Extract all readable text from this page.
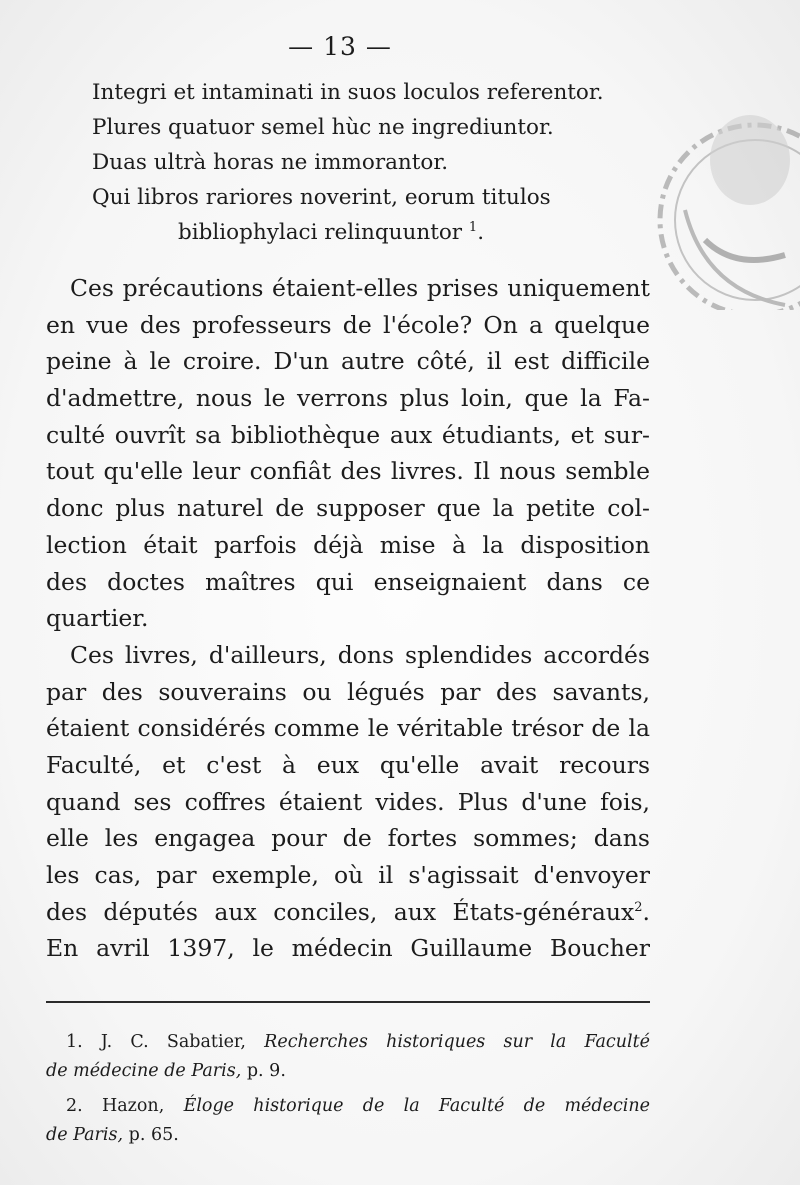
— 13 —
Integri et intaminati in suos loculos referentor.
Plures quatuor semel hùc ne ingrediuntor.
Duas ultrà horas ne immorantor.
Qui libros rariores noverint, eorum titulos
bibliophylaci relinquuntor $^1$.
Ces précautions étaient-elles prises uniquement
en vue des professeurs de l'école? On a quelque
peine à le croire. D'un autre côté, il est difficile
d'admettre, nous le verrons plus loin, que la Fa-
culté ouvrît sa bibliothèque aux étudiants, et sur-
tout qu'elle leur confiât des livres. Il nous semble
donc plus naturel de supposer que la petite col-
lection était parfois déjà mise à la disposition
des doctes maîtres qui enseignaient dans ce
quartier.
Ces livres, d'ailleurs, dons splendides accordés
par des souverains ou légués par des savants,
étaient considérés comme le véritable trésor de la
Faculté, et c'est à eux qu'elle avait recours
quand ses coffres étaient vides. Plus d'une fois,
elle les engagea pour de fortes sommes; dans
les cas, par exemple, où il s'agissait d'envoyer
des députés aux conciles, aux États-généraux$^2$.
En avril 1397, le médecin Guillaume Boucher
1. J. C. Sabatier, Recherches historiques sur la Faculté
de médecine de Paris, p. 9.
2. Hazon, Éloge historique de la Faculté de médecine
de Paris, p. 65.
